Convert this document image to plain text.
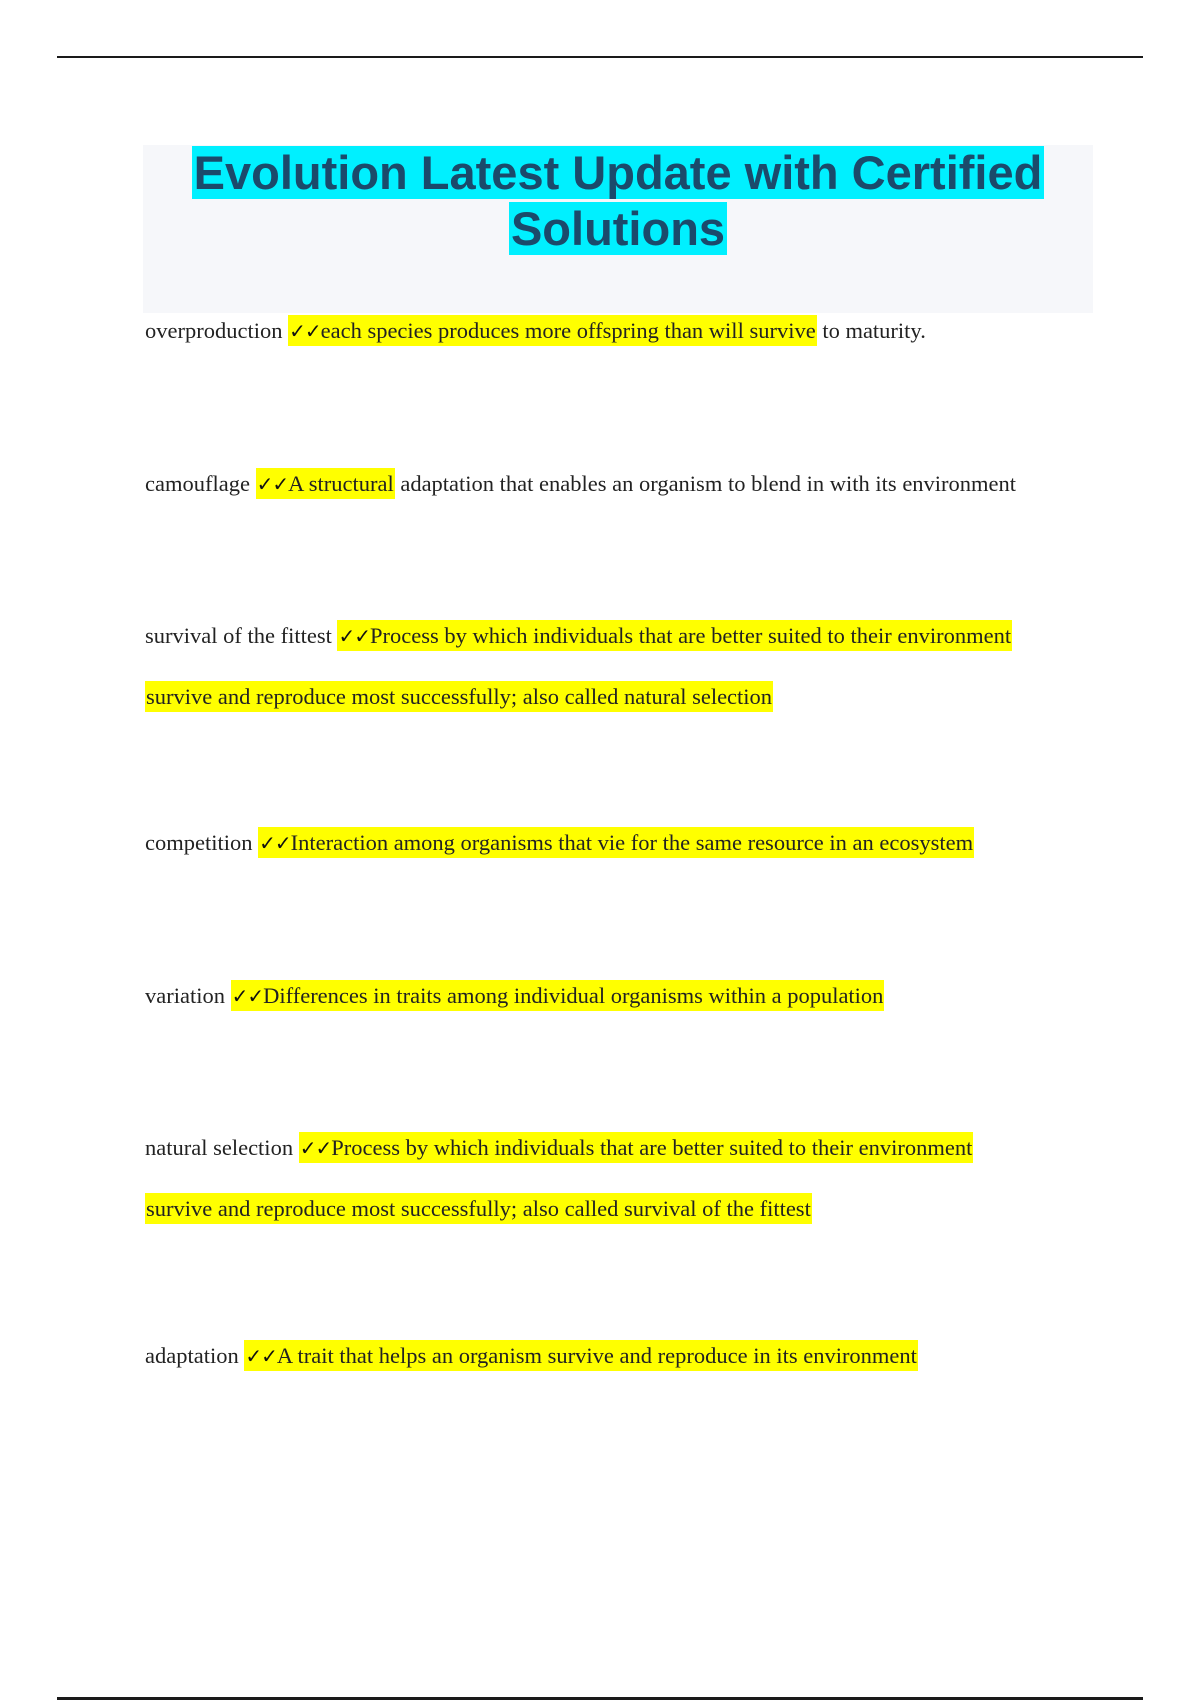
Evolution Latest Update with Certified
Solutions

overproduction ✓✓each species produces more offspring than will survive to maturity.

camouflage ✓✓A structural adaptation that enables an organism to blend in with its environment

survival of the fittest ✓✓Process by which individuals that are better suited to their environment
survive and reproduce most successfully; also called natural selection

competition ✓✓Interaction among organisms that vie for the same resource in an ecosystem

variation ✓✓Differences in traits among individual organisms within a population

natural selection ✓✓Process by which individuals that are better suited to their environment
survive and reproduce most successfully; also called survival of the fittest

adaptation ✓✓A trait that helps an organism survive and reproduce in its environment
